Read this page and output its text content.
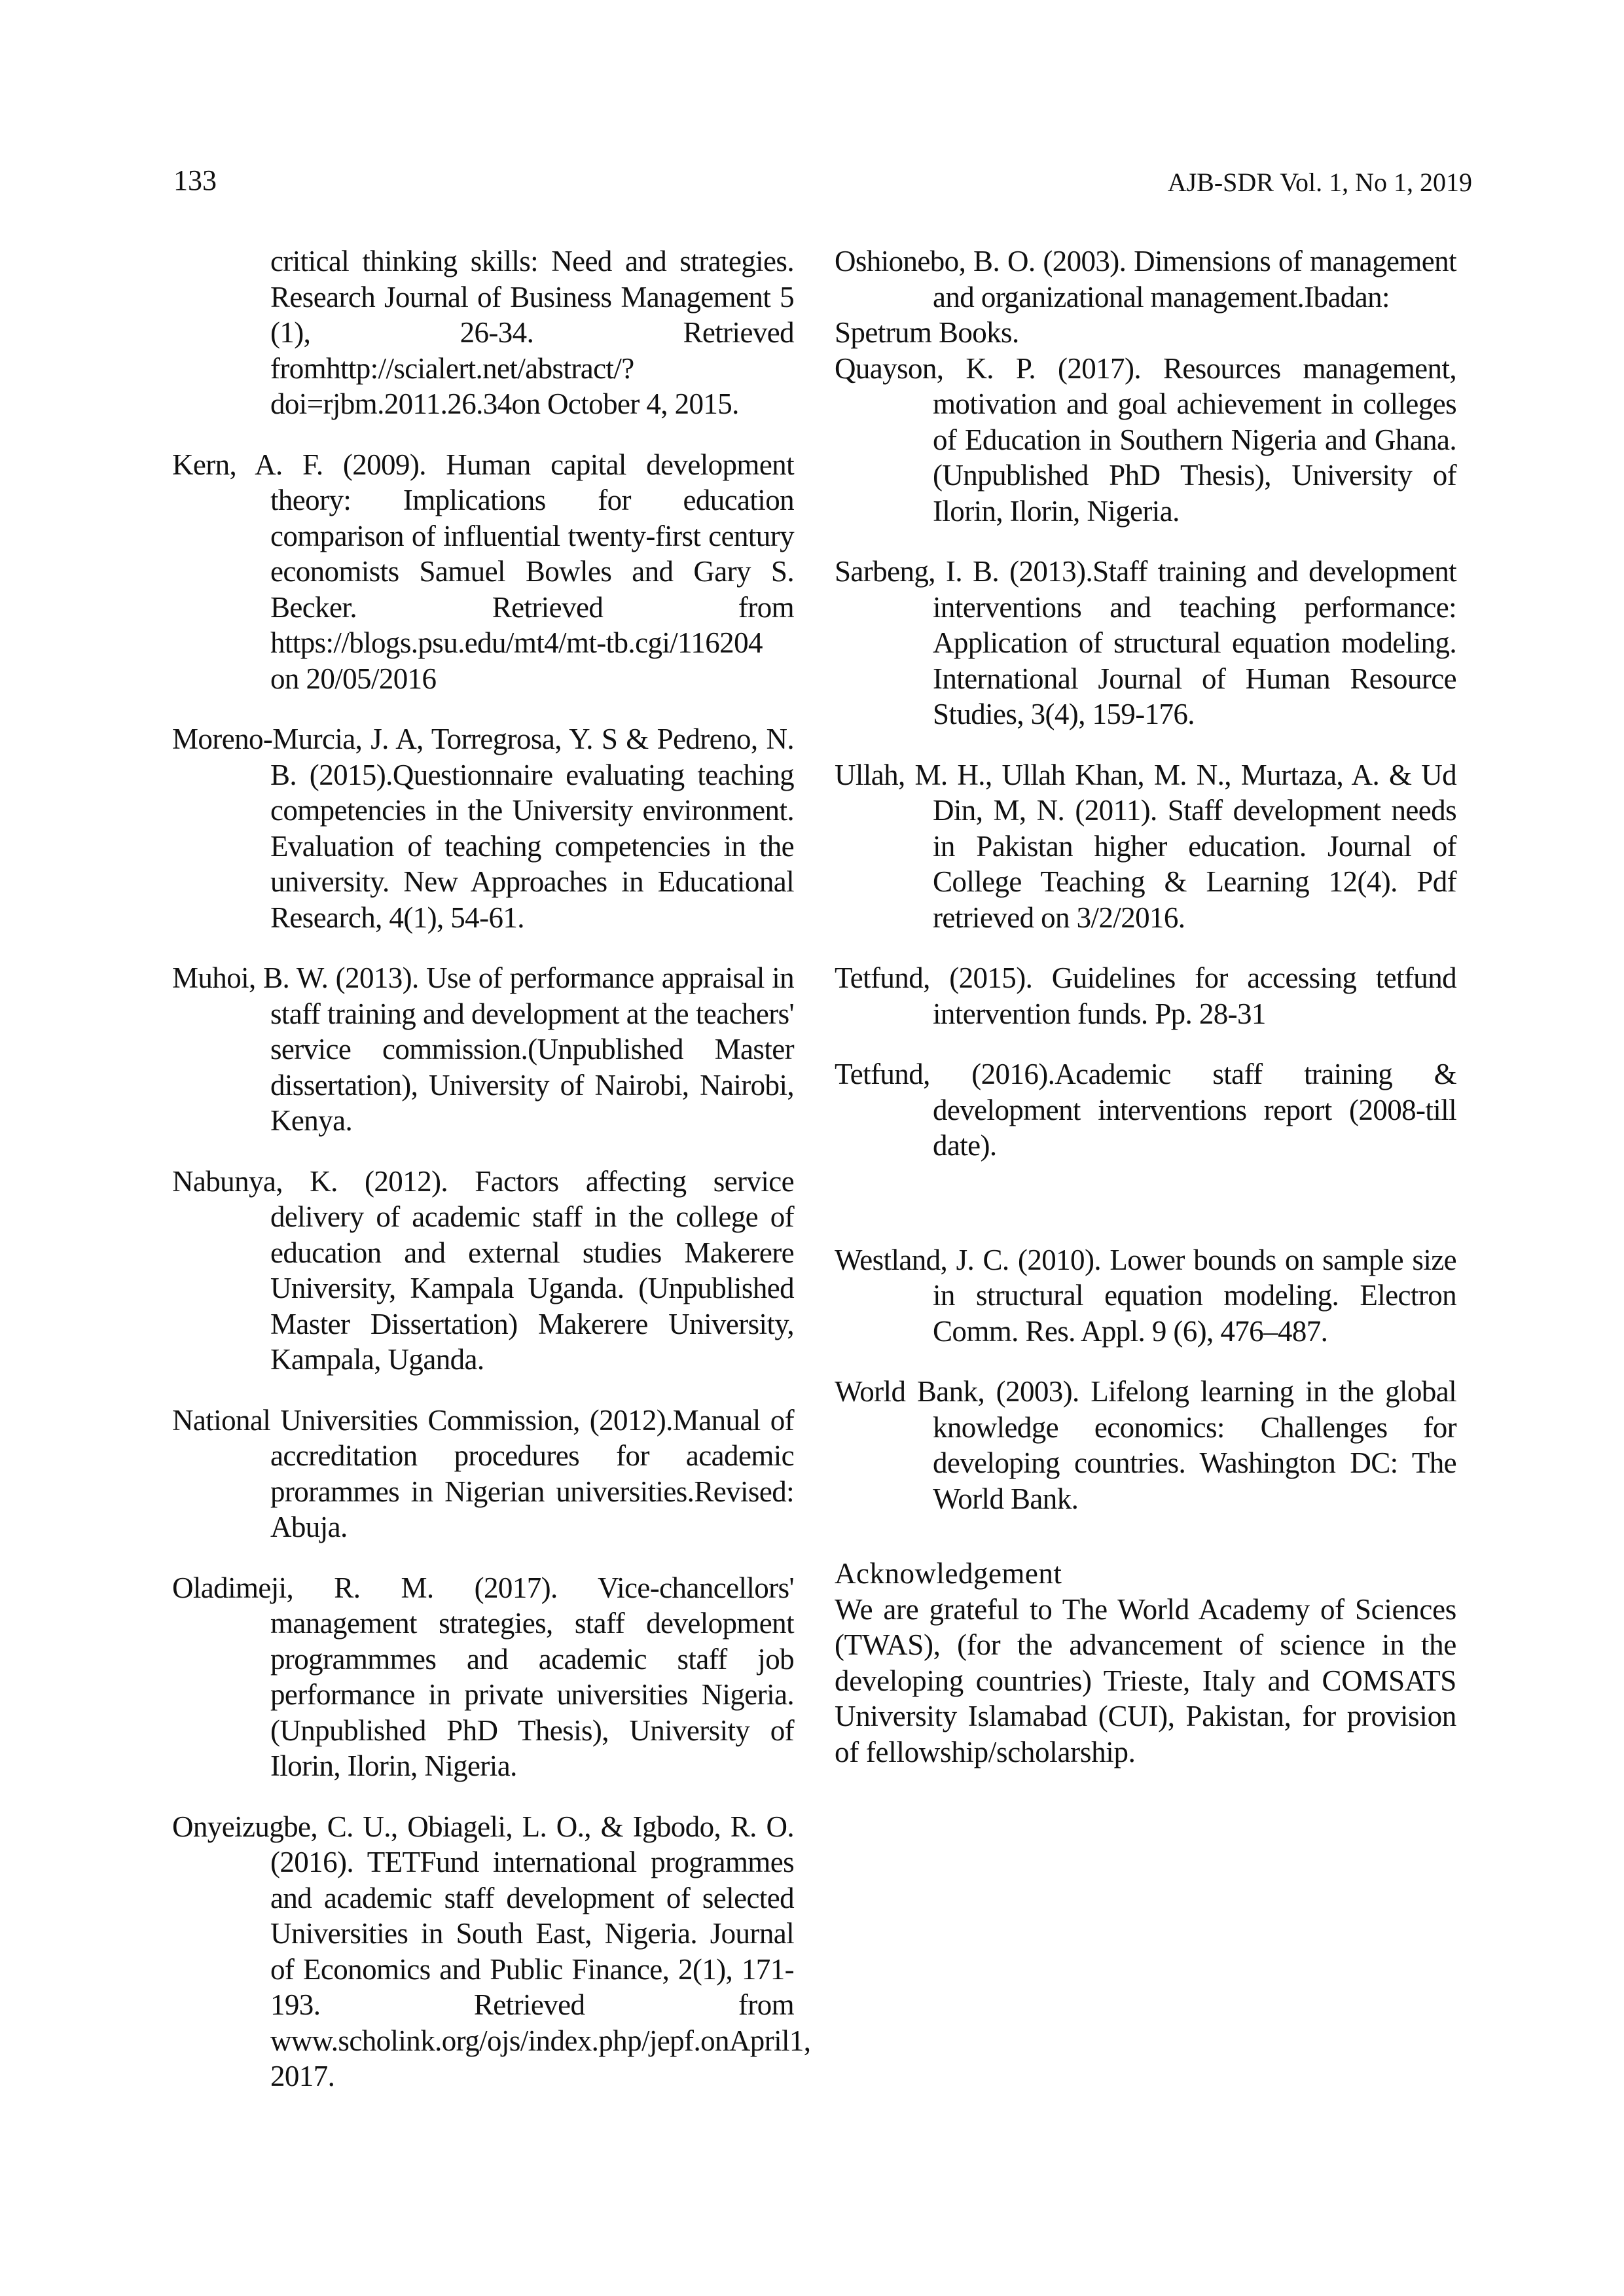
133	AJB-SDR Vol. 1, No 1, 2019

critical thinking skills: Need and strategies. Research Journal of Business Management 5 (1), 26-34. Retrieved fromhttp://scialert.net/abstract/?doi=rjbm.2011.26.34on October 4, 2015.

Kern, A. F. (2009). Human capital development theory: Implications for education comparison of influential twenty-first century economists Samuel Bowles and Gary S. Becker. Retrieved from https://blogs.psu.edu/mt4/mt-tb.cgi/116204 on 20/05/2016

Moreno-Murcia, J. A, Torregrosa, Y. S & Pedreno, N. B. (2015).Questionnaire evaluating teaching competencies in the University environment. Evaluation of teaching competencies in the university. New Approaches in Educational Research, 4(1), 54-61.

Muhoi, B. W. (2013). Use of performance appraisal in staff training and development at the teachers' service commission.(Unpublished Master dissertation), University of Nairobi, Nairobi, Kenya.

Nabunya, K. (2012). Factors affecting service delivery of academic staff in the college of education and external studies Makerere University, Kampala Uganda. (Unpublished Master Dissertation) Makerere University, Kampala, Uganda.

National Universities Commission, (2012).Manual of accreditation procedures for academic prorammes in Nigerian universities.Revised: Abuja.

Oladimeji, R. M. (2017). Vice-chancellors' management strategies, staff development programmmes and academic staff job performance in private universities Nigeria.(Unpublished PhD Thesis), University of Ilorin, Ilorin, Nigeria.

Onyeizugbe, C. U., Obiageli, L. O., & Igbodo, R. O. (2016). TETFund international programmes and academic staff development of selected Universities in South East, Nigeria. Journal of Economics and Public Finance, 2(1), 171-193. Retrieved from www.scholink.org/ojs/index.php/jepf.onApril1, 2017.

Oshionebo, B. O. (2003). Dimensions of management and organizational management.Ibadan:

Spetrum Books.

Quayson, K. P. (2017). Resources management, motivation and goal achievement in colleges of Education in Southern Nigeria and Ghana.(Unpublished PhD Thesis), University of Ilorin, Ilorin, Nigeria.

Sarbeng, I. B. (2013).Staff training and development interventions and teaching performance: Application of structural equation modeling. International Journal of Human Resource Studies, 3(4), 159-176.

Ullah, M. H., Ullah Khan, M. N., Murtaza, A. & Ud Din, M, N. (2011). Staff development needs in Pakistan higher education. Journal of College Teaching & Learning 12(4). Pdf retrieved on 3/2/2016.

Tetfund, (2015). Guidelines for accessing tetfund intervention funds. Pp. 28-31

Tetfund, (2016).Academic staff training & development interventions report (2008-till date).

Westland, J. C. (2010). Lower bounds on sample size in structural equation modeling. Electron Comm. Res. Appl. 9 (6), 476–487.

World Bank, (2003). Lifelong learning in the global knowledge economics: Challenges for developing countries. Washington DC: The World Bank.

Acknowledgement

We are grateful to The World Academy of Sciences (TWAS), (for the advancement of science in the developing countries) Trieste, Italy and COMSATS University Islamabad (CUI), Pakistan, for provision of fellowship/scholarship.
